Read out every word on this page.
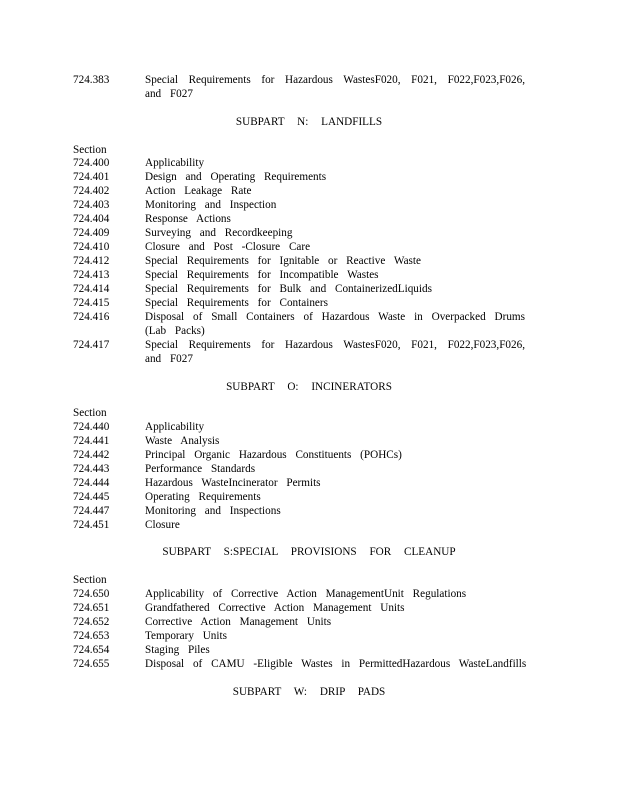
724.383	Special Requirements for Hazardous WastesF020, F021, F022,F023,F026, and F027
SUBPART N: LANDFILLS
Section
724.400	Applicability
724.401	Design and Operating Requirements
724.402	Action Leakage Rate
724.403	Monitoring and Inspection
724.404	Response Actions
724.409	Surveying and Recordkeeping
724.410	Closure and Post -Closure Care
724.412	Special Requirements for Ignitable or Reactive Waste
724.413	Special Requirements for Incompatible Wastes
724.414	Special Requirements for Bulk and ContainerizedLiquids
724.415	Special Requirements for Containers
724.416	Disposal of Small Containers of Hazardous Waste in Overpacked Drums (Lab Packs)
724.417	Special Requirements for Hazardous WastesF020, F021, F022,F023,F026, and F027
SUBPART O: INCINERATORS
Section
724.440	Applicability
724.441	Waste Analysis
724.442	Principal Organic Hazardous Constituents (POHCs)
724.443	Performance Standards
724.444	Hazardous WasteIncinerator Permits
724.445	Operating Requirements
724.447	Monitoring and Inspections
724.451	Closure
SUBPART S:SPECIAL PROVISIONS FOR CLEANUP
Section
724.650	Applicability of Corrective Action ManagementUnit Regulations
724.651	Grandfathered Corrective Action Management Units
724.652	Corrective Action Management Units
724.653	Temporary Units
724.654	Staging Piles
724.655	Disposal of CAMU -Eligible Wastes in PermittedHazardous WasteLandfills
SUBPART W: DRIP PADS
